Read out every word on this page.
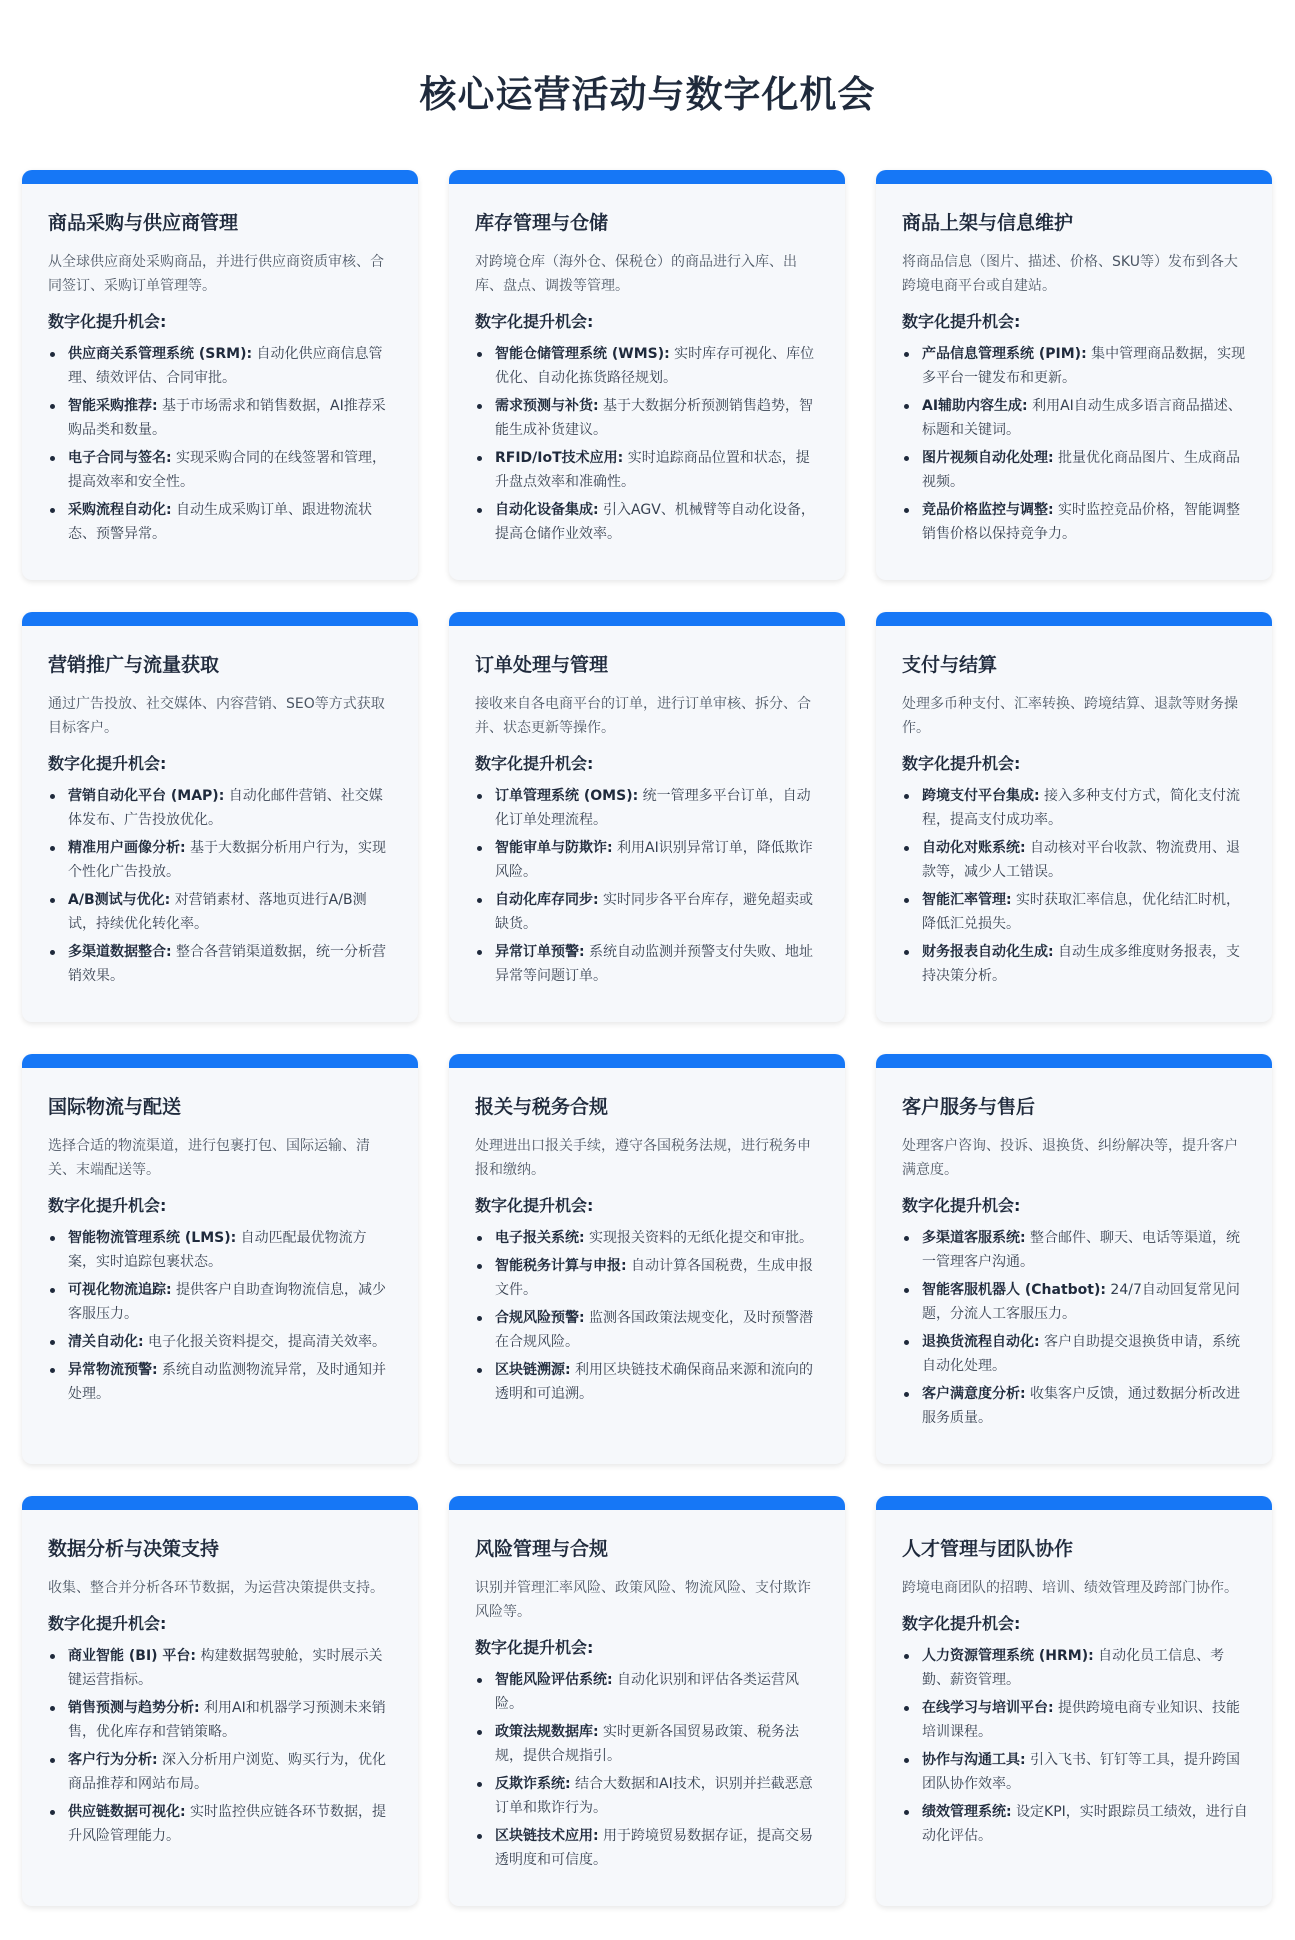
核心运营活动与数字化机会
商品采购与供应商管理
从全球供应商处采购商品，并进行供应商资质审核、合同签订、采购订单管理等。
数字化提升机会:
供应商关系管理系统 (SRM): 自动化供应商信息管理、绩效评估、合同审批。
智能采购推荐: 基于市场需求和销售数据，AI推荐采购品类和数量。
电子合同与签名: 实现采购合同的在线签署和管理，提高效率和安全性。
采购流程自动化: 自动生成采购订单、跟进物流状态、预警异常。
库存管理与仓储
对跨境仓库（海外仓、保税仓）的商品进行入库、出库、盘点、调拨等管理。
数字化提升机会:
智能仓储管理系统 (WMS): 实时库存可视化、库位优化、自动化拣货路径规划。
需求预测与补货: 基于大数据分析预测销售趋势，智能生成补货建议。
RFID/IoT技术应用: 实时追踪商品位置和状态，提升盘点效率和准确性。
自动化设备集成: 引入AGV、机械臂等自动化设备，提高仓储作业效率。
商品上架与信息维护
将商品信息（图片、描述、价格、SKU等）发布到各大跨境电商平台或自建站。
数字化提升机会:
产品信息管理系统 (PIM): 集中管理商品数据，实现多平台一键发布和更新。
AI辅助内容生成: 利用AI自动生成多语言商品描述、标题和关键词。
图片视频自动化处理: 批量优化商品图片、生成商品视频。
竞品价格监控与调整: 实时监控竞品价格，智能调整销售价格以保持竞争力。
营销推广与流量获取
通过广告投放、社交媒体、内容营销、SEO等方式获取目标客户。
数字化提升机会:
营销自动化平台 (MAP): 自动化邮件营销、社交媒体发布、广告投放优化。
精准用户画像分析: 基于大数据分析用户行为，实现个性化广告投放。
A/B测试与优化: 对营销素材、落地页进行A/B测试，持续优化转化率。
多渠道数据整合: 整合各营销渠道数据，统一分析营销效果。
订单处理与管理
接收来自各电商平台的订单，进行订单审核、拆分、合并、状态更新等操作。
数字化提升机会:
订单管理系统 (OMS): 统一管理多平台订单，自动化订单处理流程。
智能审单与防欺诈: 利用AI识别异常订单，降低欺诈风险。
自动化库存同步: 实时同步各平台库存，避免超卖或缺货。
异常订单预警: 系统自动监测并预警支付失败、地址异常等问题订单。
支付与结算
处理多币种支付、汇率转换、跨境结算、退款等财务操作。
数字化提升机会:
跨境支付平台集成: 接入多种支付方式，简化支付流程，提高支付成功率。
自动化对账系统: 自动核对平台收款、物流费用、退款等，减少人工错误。
智能汇率管理: 实时获取汇率信息，优化结汇时机，降低汇兑损失。
财务报表自动化生成: 自动生成多维度财务报表，支持决策分析。
国际物流与配送
选择合适的物流渠道，进行包裹打包、国际运输、清关、末端配送等。
数字化提升机会:
智能物流管理系统 (LMS): 自动匹配最优物流方案，实时追踪包裹状态。
可视化物流追踪: 提供客户自助查询物流信息，减少客服压力。
清关自动化: 电子化报关资料提交，提高清关效率。
异常物流预警: 系统自动监测物流异常，及时通知并处理。
报关与税务合规
处理进出口报关手续，遵守各国税务法规，进行税务申报和缴纳。
数字化提升机会:
电子报关系统: 实现报关资料的无纸化提交和审批。
智能税务计算与申报: 自动计算各国税费，生成申报文件。
合规风险预警: 监测各国政策法规变化，及时预警潜在合规风险。
区块链溯源: 利用区块链技术确保商品来源和流向的透明和可追溯。
客户服务与售后
处理客户咨询、投诉、退换货、纠纷解决等，提升客户满意度。
数字化提升机会:
多渠道客服系统: 整合邮件、聊天、电话等渠道，统一管理客户沟通。
智能客服机器人 (Chatbot): 24/7自动回复常见问题，分流人工客服压力。
退换货流程自动化: 客户自助提交退换货申请，系统自动化处理。
客户满意度分析: 收集客户反馈，通过数据分析改进服务质量。
数据分析与决策支持
收集、整合并分析各环节数据，为运营决策提供支持。
数字化提升机会:
商业智能 (BI) 平台: 构建数据驾驶舱，实时展示关键运营指标。
销售预测与趋势分析: 利用AI和机器学习预测未来销售，优化库存和营销策略。
客户行为分析: 深入分析用户浏览、购买行为，优化商品推荐和网站布局。
供应链数据可视化: 实时监控供应链各环节数据，提升风险管理能力。
风险管理与合规
识别并管理汇率风险、政策风险、物流风险、支付欺诈风险等。
数字化提升机会:
智能风险评估系统: 自动化识别和评估各类运营风险。
政策法规数据库: 实时更新各国贸易政策、税务法规，提供合规指引。
反欺诈系统: 结合大数据和AI技术，识别并拦截恶意订单和欺诈行为。
区块链技术应用: 用于跨境贸易数据存证，提高交易透明度和可信度。
人才管理与团队协作
跨境电商团队的招聘、培训、绩效管理及跨部门协作。
数字化提升机会:
人力资源管理系统 (HRM): 自动化员工信息、考勤、薪资管理。
在线学习与培训平台: 提供跨境电商专业知识、技能培训课程。
协作与沟通工具: 引入飞书、钉钉等工具，提升跨国团队协作效率。
绩效管理系统: 设定KPI，实时跟踪员工绩效，进行自动化评估。
